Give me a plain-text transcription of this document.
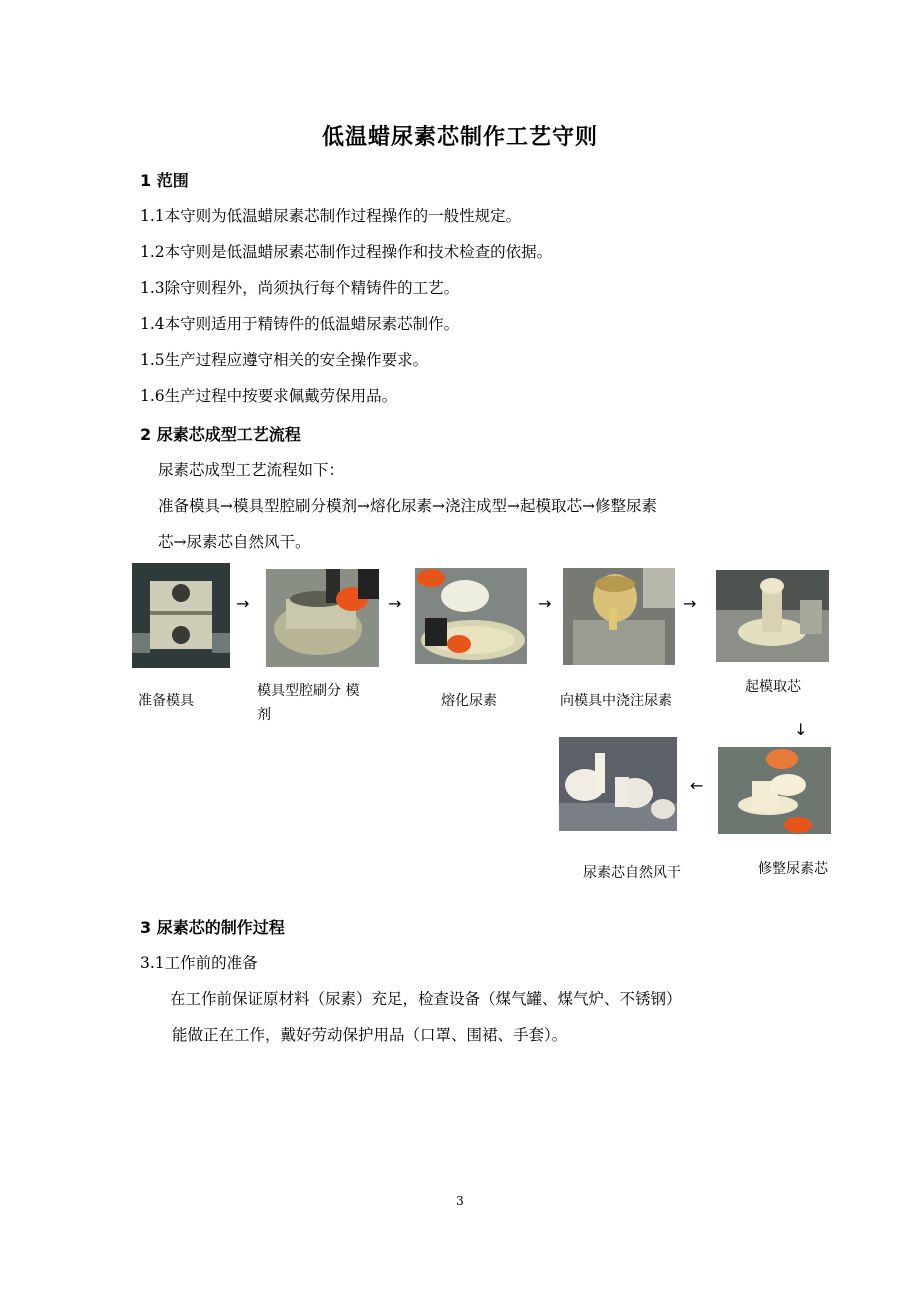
低温蜡尿素芯制作工艺守则
1 范围
1.1本守则为低温蜡尿素芯制作过程操作的一般性规定。
1.2本守则是低温蜡尿素芯制作过程操作和技术检查的依据。
1.3除守则程外，尚须执行每个精铸件的工艺。
1.4本守则适用于精铸件的低温蜡尿素芯制作。
1.5生产过程应遵守相关的安全操作要求。
1.6生产过程中按要求佩戴劳保用品。
2 尿素芯成型工艺流程
尿素芯成型工艺流程如下：
准备模具→模具型腔刷分模剂→熔化尿素→浇注成型→起模取芯→修整尿素
芯→尿素芯自然风干。
→	→	→	→
准备模具
模具型腔刷分 模
剂
熔化尿素	向模具中浇注尿素
起模取芯
↓
←
尿素芯自然风干	修整尿素芯
3 尿素芯的制作过程
3.1工作前的准备
在工作前保证原材料（尿素）充足，检查设备（煤气罐、煤气炉、不锈钢）
能做正在工作，戴好劳动保护用品（口罩、围裙、手套）。
3
